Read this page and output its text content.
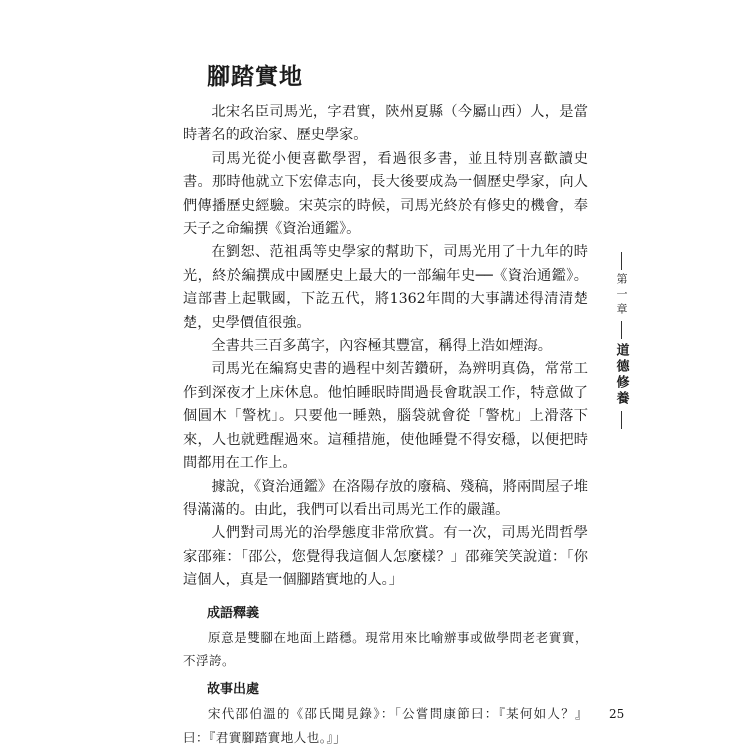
腳踏實地

北宋名臣司馬光，字君實，陝州夏縣（今屬山西）人，是當時著名的政治家、歷史學家。

司馬光從小便喜歡學習，看過很多書，並且特別喜歡讀史書。那時他就立下宏偉志向，長大後要成為一個歷史學家，向人們傳播歷史經驗。宋英宗的時候，司馬光終於有修史的機會，奉天子之命編撰《資治通鑑》。

在劉恕、范祖禹等史學家的幫助下，司馬光用了十九年的時光，終於編撰成中國歷史上最大的一部編年史──《資治通鑑》。這部書上起戰國，下訖五代，將1362年間的大事講述得清清楚楚，史學價值很強。

全書共三百多萬字，內容極其豐富，稱得上浩如煙海。

司馬光在編寫史書的過程中刻苦鑽研，為辨明真偽，常常工作到深夜才上床休息。他怕睡眠時間過長會耽誤工作，特意做了個圓木「警枕」。只要他一睡熟，腦袋就會從「警枕」上滑落下來，人也就甦醒過來。這種措施，使他睡覺不得安穩，以便把時間都用在工作上。

據說，《資治通鑑》在洛陽存放的廢稿、殘稿，將兩間屋子堆得滿滿的。由此，我們可以看出司馬光工作的嚴謹。

人們對司馬光的治學態度非常欣賞。有一次，司馬光問哲學家邵雍：「邵公，您覺得我這個人怎麼樣？」邵雍笑笑說道：「你這個人，真是一個腳踏實地的人。」

成語釋義

原意是雙腳在地面上踏穩。現常用來比喻辦事或做學問老老實實，不浮誇。

故事出處

宋代邵伯溫的《邵氏聞見錄》：「公嘗問康節曰：『某何如人？』曰：『君實腳踏實地人也。』」

第一章
道德修養
25
